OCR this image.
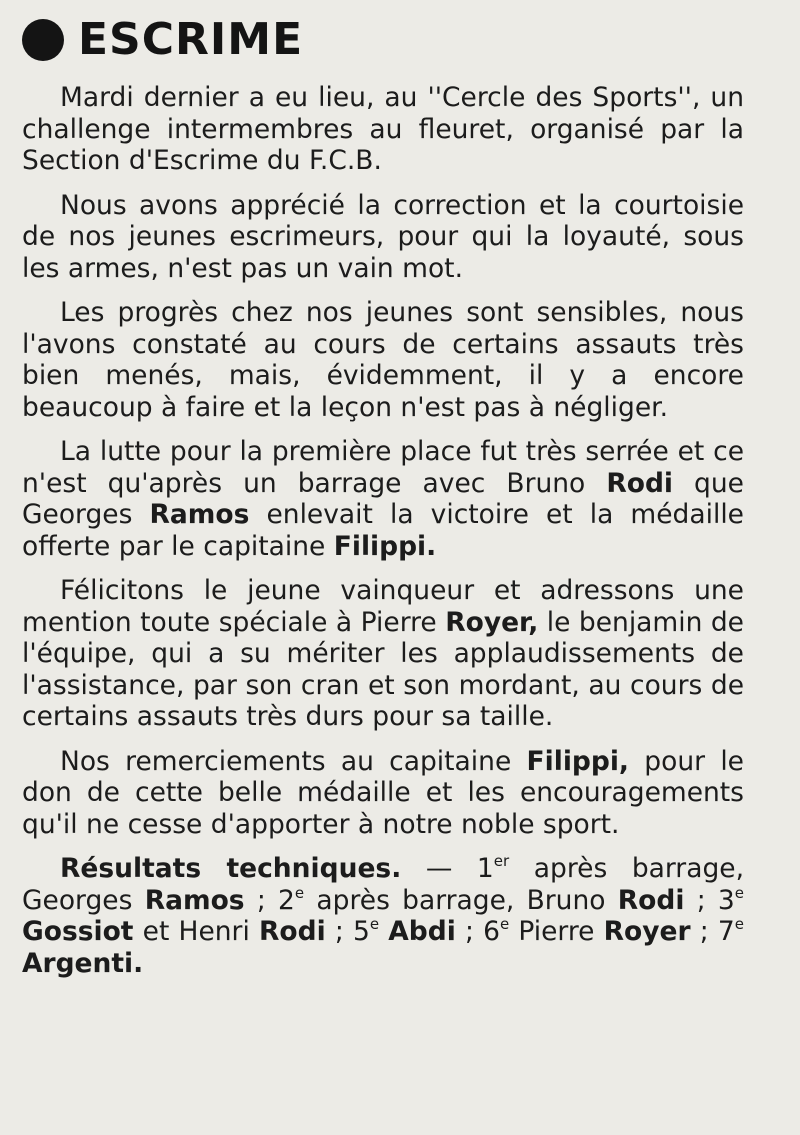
ESCRIME

Mardi dernier a eu lieu, au ''Cercle des Sports'', un challenge intermembres au fleuret, organisé par la Section d'Escrime du F.C.B.

Nous avons apprécié la correction et la courtoisie de nos jeunes escrimeurs, pour qui la loyauté, sous les armes, n'est pas un vain mot.

Les progrès chez nos jeunes sont sensibles, nous l'avons constaté au cours de certains assauts très bien menés, mais, évidemment, il y a encore beaucoup à faire et la leçon n'est pas à négliger.

La lutte pour la première place fut très serrée et ce n'est qu'après un barrage avec Bruno Rodi que Georges Ramos enlevait la victoire et la médaille offerte par le capitaine Filippi.

Félicitons le jeune vainqueur et adressons une mention toute spéciale à Pierre Royer, le benjamin de l'équipe, qui a su mériter les applaudissements de l'assistance, par son cran et son mordant, au cours de certains assauts très durs pour sa taille.

Nos remerciements au capitaine Filippi, pour le don de cette belle médaille et les encouragements qu'il ne cesse d'apporter à notre noble sport.

Résultats techniques. — 1er après barrage, Georges Ramos ; 2e après barrage, Bruno Rodi ; 3e Gossiot et Henri Rodi ; 5e Abdi ; 6e Pierre Royer ; 7e Argenti.
